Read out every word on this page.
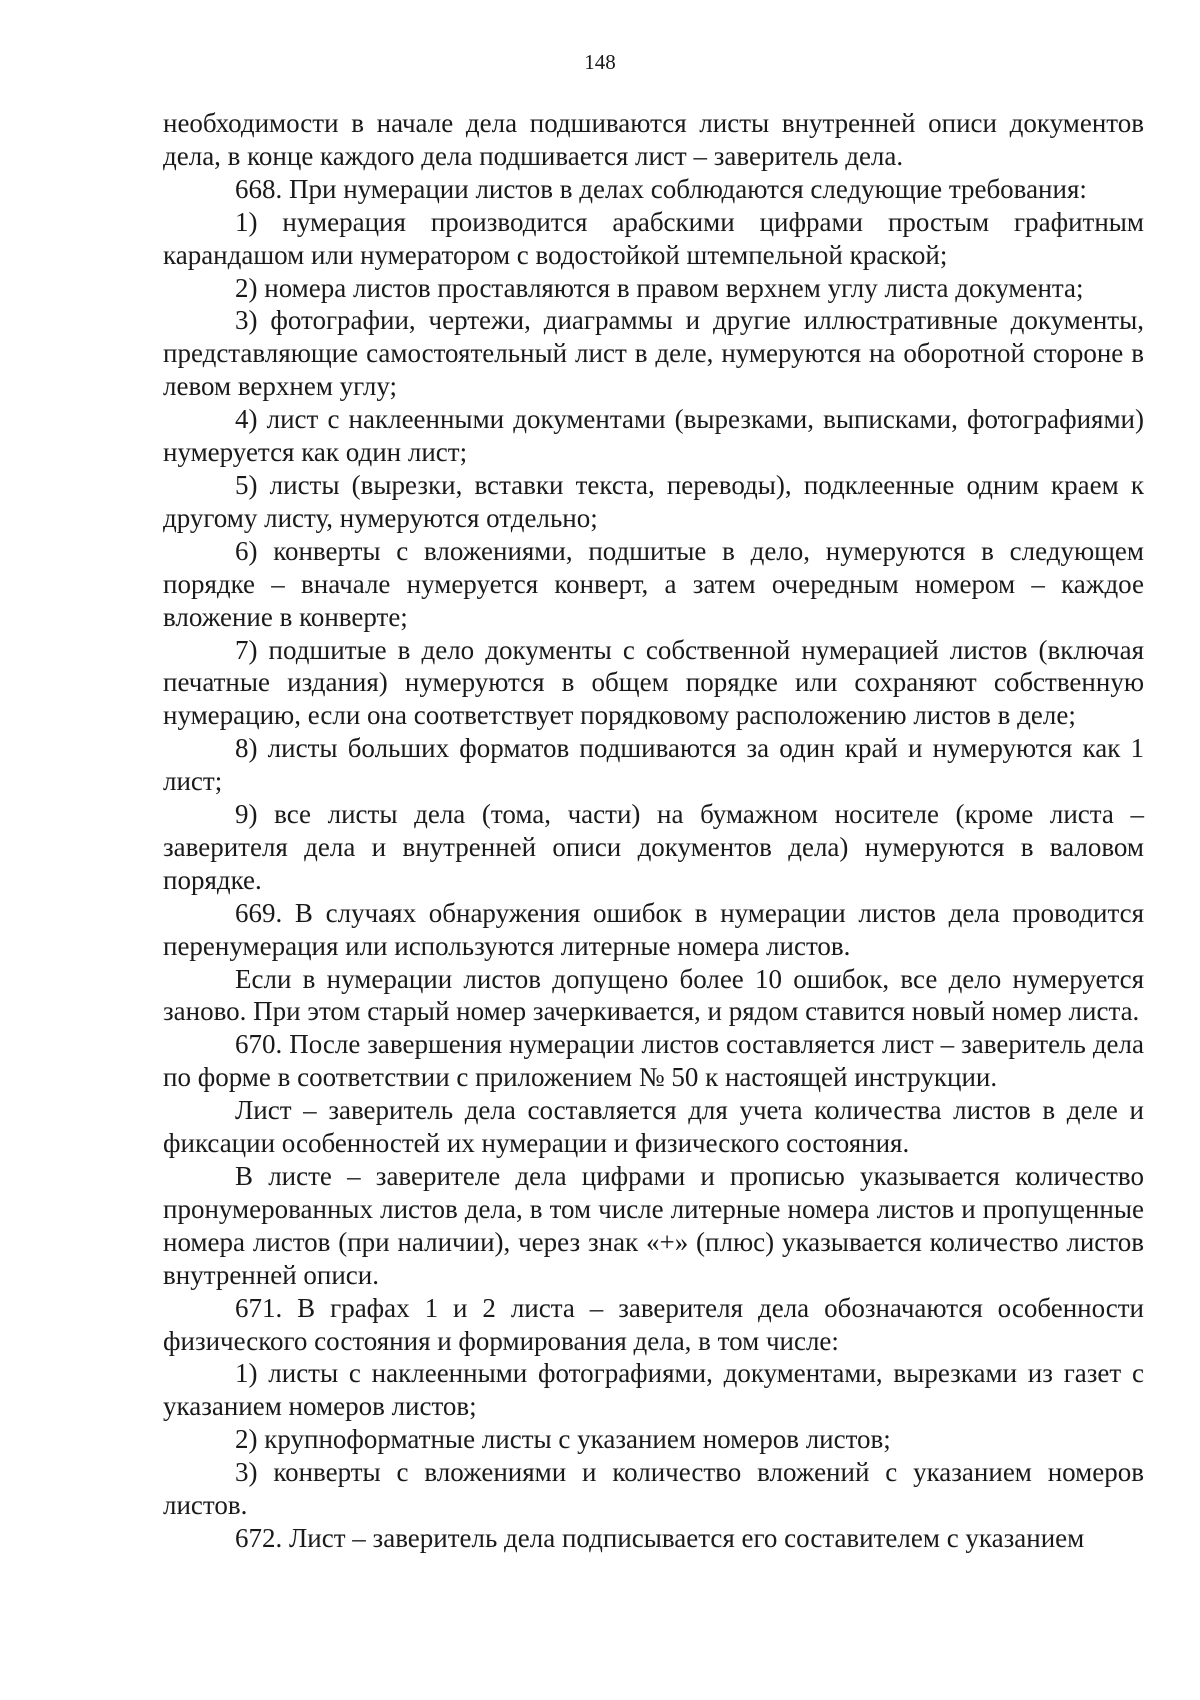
148

необходимости в начале дела подшиваются листы внутренней описи документов дела, в конце каждого дела подшивается лист – заверитель дела.

668. При нумерации листов в делах соблюдаются следующие требования:

1) нумерация производится арабскими цифрами простым графитным карандашом или нумератором с водостойкой штемпельной краской;

2) номера листов проставляются в правом верхнем углу листа документа;

3) фотографии, чертежи, диаграммы и другие иллюстративные документы, представляющие самостоятельный лист в деле, нумеруются на оборотной стороне в левом верхнем углу;

4) лист с наклеенными документами (вырезками, выписками, фотографиями) нумеруется как один лист;

5) листы (вырезки, вставки текста, переводы), подклеенные одним краем к другому листу, нумеруются отдельно;

6) конверты с вложениями, подшитые в дело, нумеруются в следующем порядке – вначале нумеруется конверт, а затем очередным номером – каждое вложение в конверте;

7) подшитые в дело документы с собственной нумерацией листов (включая печатные издания) нумеруются в общем порядке или сохраняют собственную нумерацию, если она соответствует порядковому расположению листов в деле;

8) листы больших форматов подшиваются за один край и нумеруются как 1 лист;

9) все листы дела (тома, части) на бумажном носителе (кроме листа – заверителя дела и внутренней описи документов дела) нумеруются в валовом порядке.

669. В случаях обнаружения ошибок в нумерации листов дела проводится перенумерация или используются литерные номера листов.

Если в нумерации листов допущено более 10 ошибок, все дело нумеруется заново. При этом старый номер зачеркивается, и рядом ставится новый номер листа.

670. После завершения нумерации листов составляется лист – заверитель дела по форме в соответствии с приложением № 50 к настоящей инструкции.

Лист – заверитель дела составляется для учета количества листов в деле и фиксации особенностей их нумерации и физического состояния.

В листе – заверителе дела цифрами и прописью указывается количество пронумерованных листов дела, в том числе литерные номера листов и пропущенные номера листов (при наличии), через знак «+» (плюс) указывается количество листов внутренней описи.

671. В графах 1 и 2 листа – заверителя дела обозначаются особенности физического состояния и формирования дела, в том числе:

1) листы с наклеенными фотографиями, документами, вырезками из газет с указанием номеров листов;

2) крупноформатные листы с указанием номеров листов;

3) конверты с вложениями и количество вложений с указанием номеров листов.

672. Лист – заверитель дела подписывается его составителем с указанием
